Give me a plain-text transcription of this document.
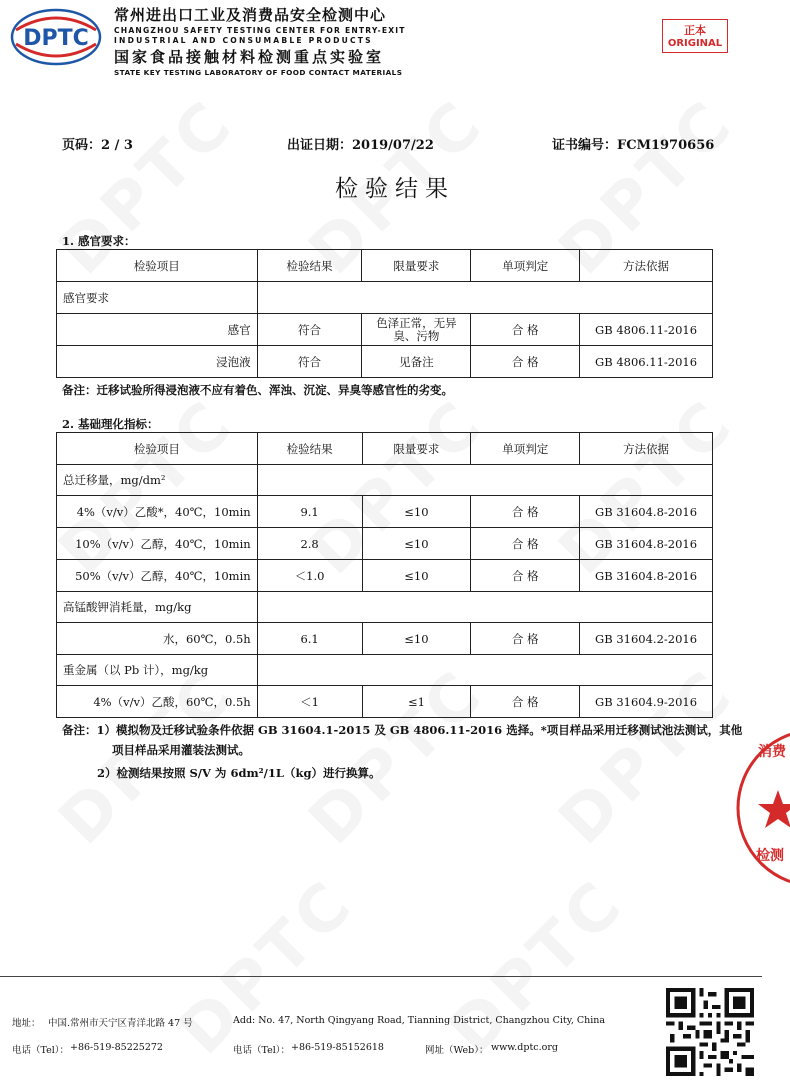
DPTC
常州进出口工业及消费品安全检测中心
CHANGZHOU SAFETY TESTING CENTER FOR ENTRY-EXIT
INDUSTRIAL AND CONSUMABLE PRODUCTS
国家食品接触材料检测重点实验室
STATE KEY TESTING LABORATORY OF FOOD CONTACT MATERIALS
正本
ORIGINAL
页码：2 / 3	出证日期：2019/07/22	证书编号：FCM1970656
检验结果
1. 感官要求：
检验项目	检验结果	限量要求	单项判定	方法依据
感官要求				
感官	符合	色泽正常，无异臭、污物	合 格	GB 4806.11-2016
浸泡液	符合	见备注	合 格	GB 4806.11-2016
备注：迁移试验所得浸泡液不应有着色、浑浊、沉淀、异臭等感官性的劣变。
2. 基础理化指标：
检验项目	检验结果	限量要求	单项判定	方法依据
总迁移量，mg/dm²				
4%（v/v）乙酸*，40℃，10min	9.1	≤10	合 格	GB 31604.8-2016
10%（v/v）乙醇，40℃，10min	2.8	≤10	合 格	GB 31604.8-2016
50%（v/v）乙醇，40℃，10min	＜1.0	≤10	合 格	GB 31604.8-2016
高锰酸钾消耗量，mg/kg				
水，60℃，0.5h	6.1	≤10	合 格	GB 31604.2-2016
重金属（以 Pb 计），mg/kg				
4%（v/v）乙酸，60℃，0.5h	＜1	≤1	合 格	GB 31604.9-2016
备注：1）模拟物及迁移试验条件依据 GB 31604.1-2015 及 GB 4806.11-2016 选择。*项目样品采用迁移测试池法测试，其他
项目样品采用灌装法测试。
2）检测结果按照 S/V 为 6dm²/1L（kg）进行换算。
消费
检测
地址： 中国.常州市天宁区青洋北路 47 号	Add: No. 47, North Qingyang Road, Tianning District, Changzhou City, China
电话（Tel）： +86-519-85225272	电话（Tel）： +86-519-85152618	网址（Web）： www.dptc.org
